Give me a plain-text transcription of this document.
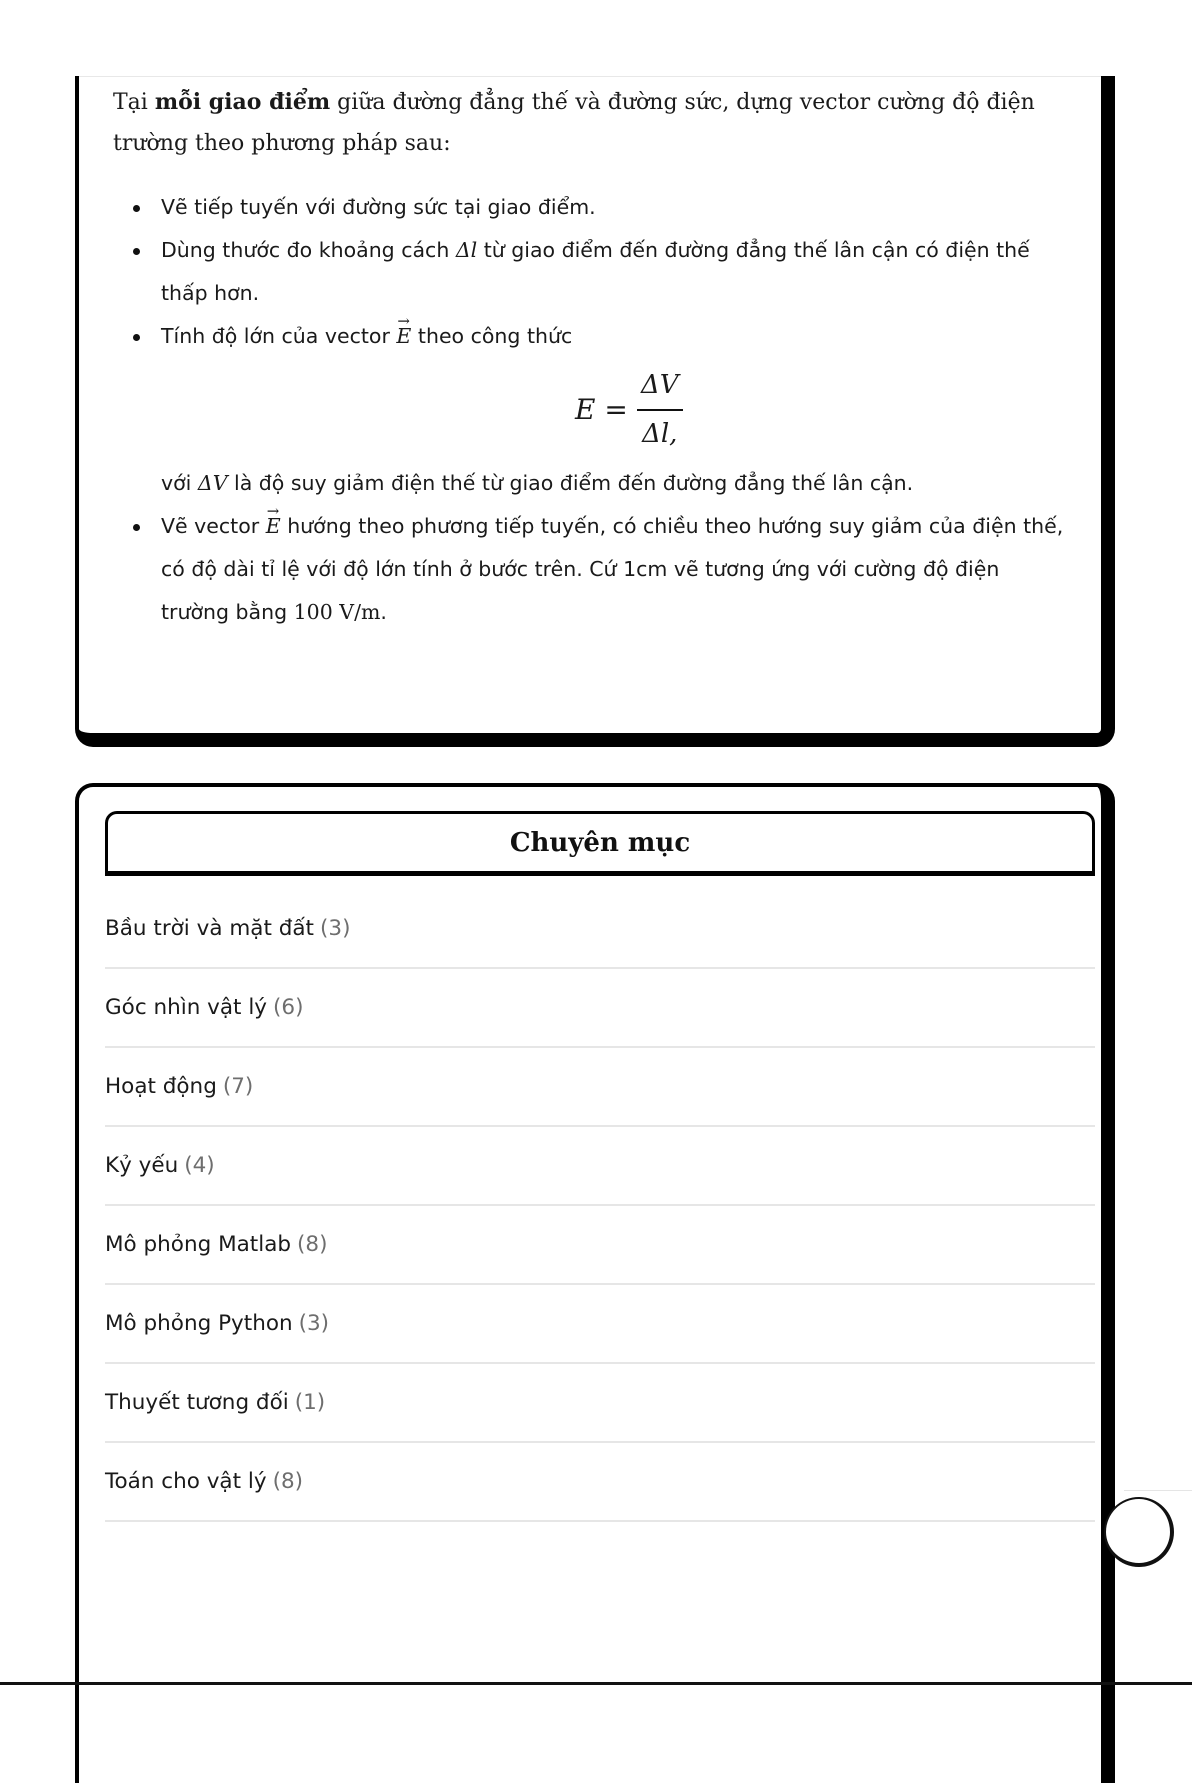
Tại mỗi giao điểm giữa đường đẳng thế và đường sức, dựng vector cường độ điện trường theo phương pháp sau:
Vẽ tiếp tuyến với đường sức tại giao điểm.
Dùng thước đo khoảng cách Δl từ giao điểm đến đường đẳng thế lân cận có điện thế thấp hơn.
Tính độ lớn của vector → E theo công thức
$E = \frac{\Delta V}{\Delta l,}$
với ΔV là độ suy giảm điện thế từ giao điểm đến đường đẳng thế lân cận.
Vẽ vector → E hướng theo phương tiếp tuyến, có chiều theo hướng suy giảm của điện thế, có độ dài tỉ lệ với độ lớn tính ở bước trên. Cứ 1cm vẽ tương ứng với cường độ điện trường bằng 100 V/m.
Chuyên mục
Bầu trời và mặt đất (3)
Góc nhìn vật lý (6)
Hoạt động (7)
Kỷ yếu (4)
Mô phỏng Matlab (8)
Mô phỏng Python (3)
Thuyết tương đối (1)
Toán cho vật lý (8)
